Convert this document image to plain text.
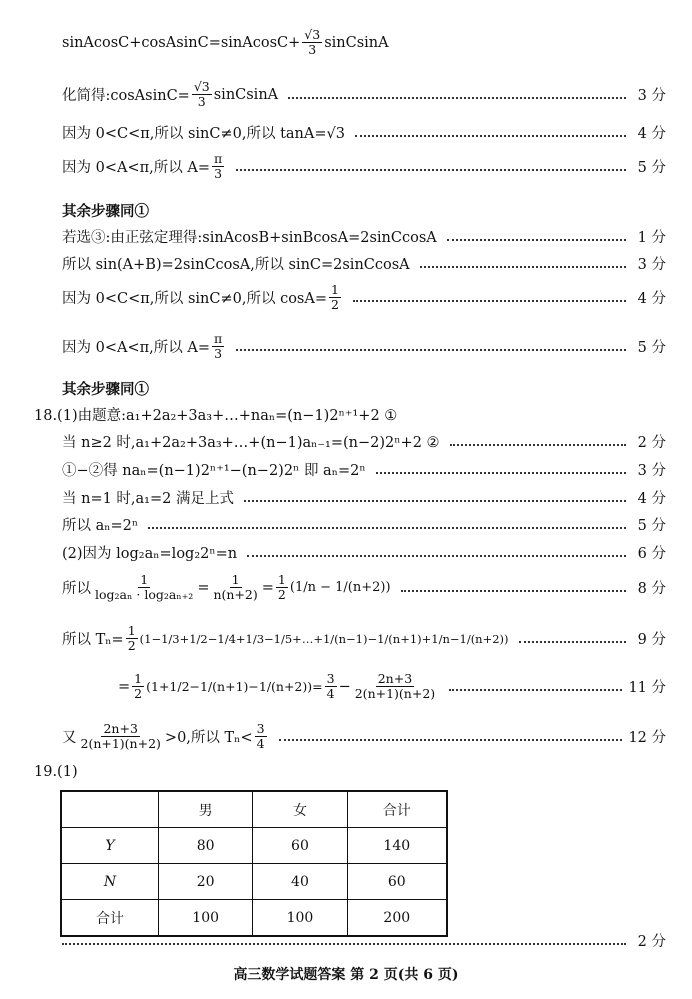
sinAcosC+cosAsinC=sinAcosC+ $\frac{√3}{3}$ sinCsinA
化简得:cosAsinC= $\frac{√3}{3}$ sinCsinA	3 分
因为 0<C<π,所以 sinC≠0,所以 tanA=√3	4 分
因为 0<A<π,所以 $A= \frac{\pi}{3}$	5 分
其余步骤同①
若选③:由正弦定理得:sinAcosB+sinBcosA=2sinCcosA	1 分
所以 sin(A+B)=2sinCcosA,所以 sinC=2sinCcosA	3 分
因为 0<C<π,所以 sinC≠0,所以 $\cos A= \frac{1}{2}$	4 分
因为 0<A<π,所以 $A= \frac{\pi}{3}$	5 分
其余步骤同①
18.(1)由题意:a₁+2a₂+3a₃+…+naₙ=(n−1)2ⁿ⁺¹+2 ①
当 n≥2 时,a₁+2a₂+3a₃+…+(n−1)aₙ₋₁=(n−2)2ⁿ+2 ②	2 分
①−②得 naₙ=(n−1)2ⁿ⁺¹−(n−2)2ⁿ 即 aₙ=2ⁿ	3 分
当 n=1 时,a₁=2 满足上式	4 分
所以 aₙ=2ⁿ	5 分
(2)因为 log₂aₙ=log₂2ⁿ=n	6 分
所以 $\frac{1}{\text{log₂aₙ · log₂aₙ₊₂}} = \frac{1}{n(n+2)} = \frac{1}{2} (1/n - 1/(n+2))$	8 分
所以 $T_n= \frac{1}{2}$ (1−1/3+1/2−1/4+1/3−1/5+…+1/(n−1)−1/(n+1)+1/n−1/(n+2))	9 分
= $\frac{1}{2} (1+1/2-1/(n+1)-1/(n+2))= \frac{3}{4} - \frac{2n+3}{2(n+1)(n+2)}$	11 分
又 $\frac{2n+3}{2(n+1)(n+2)} >0$,所以 $T_n< \frac{3}{4}$	12 分
19.(1)
	男	女	合计
Y	80	60	140
N	20	40	60
合计	100	100	200
2 分
高三数学试题答案 第 2 页(共 6 页)
